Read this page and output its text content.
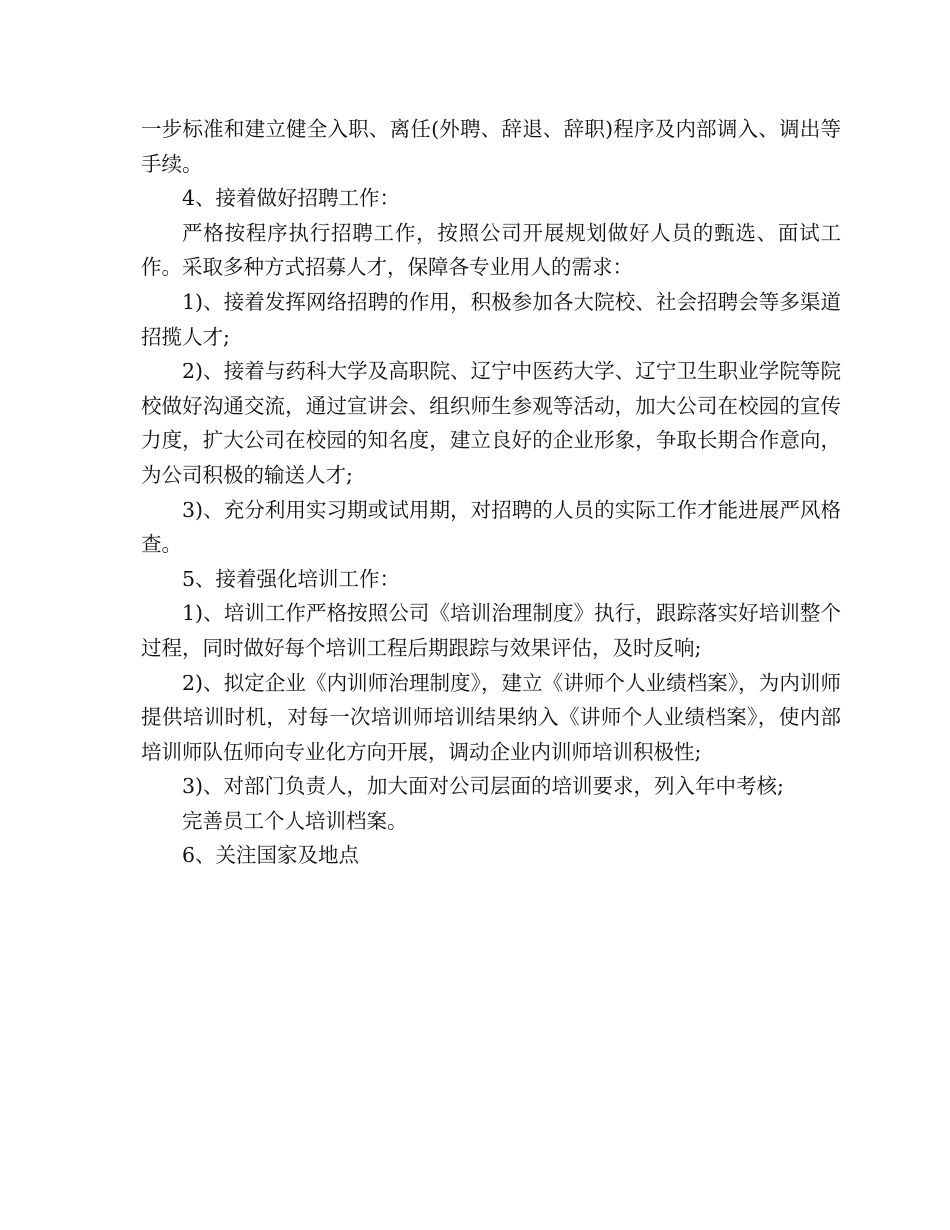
一步标准和建立健全入职、离任(外聘、辞退、辞职)程序及内部调入、调出等手续。

4、接着做好招聘工作：

严格按程序执行招聘工作，按照公司开展规划做好人员的甄选、面试工作。采取多种方式招募人才，保障各专业用人的需求：

1)、接着发挥网络招聘的作用，积极参加各大院校、社会招聘会等多渠道招揽人才;

2)、接着与药科大学及高职院、辽宁中医药大学、辽宁卫生职业学院等院校做好沟通交流，通过宣讲会、组织师生参观等活动，加大公司在校园的宣传力度，扩大公司在校园的知名度，建立良好的企业形象，争取长期合作意向，为公司积极的输送人才;

3)、充分利用实习期或试用期，对招聘的人员的实际工作才能进展严风格查。

5、接着强化培训工作：

1)、培训工作严格按照公司《培训治理制度》执行，跟踪落实好培训整个过程，同时做好每个培训工程后期跟踪与效果评估，及时反响;

2)、拟定企业《内训师治理制度》，建立《讲师个人业绩档案》，为内训师提供培训时机，对每一次培训师培训结果纳入《讲师个人业绩档案》，使内部培训师队伍师向专业化方向开展，调动企业内训师培训积极性;

3)、对部门负责人，加大面对公司层面的培训要求，列入年中考核;

完善员工个人培训档案。

6、关注国家及地点
